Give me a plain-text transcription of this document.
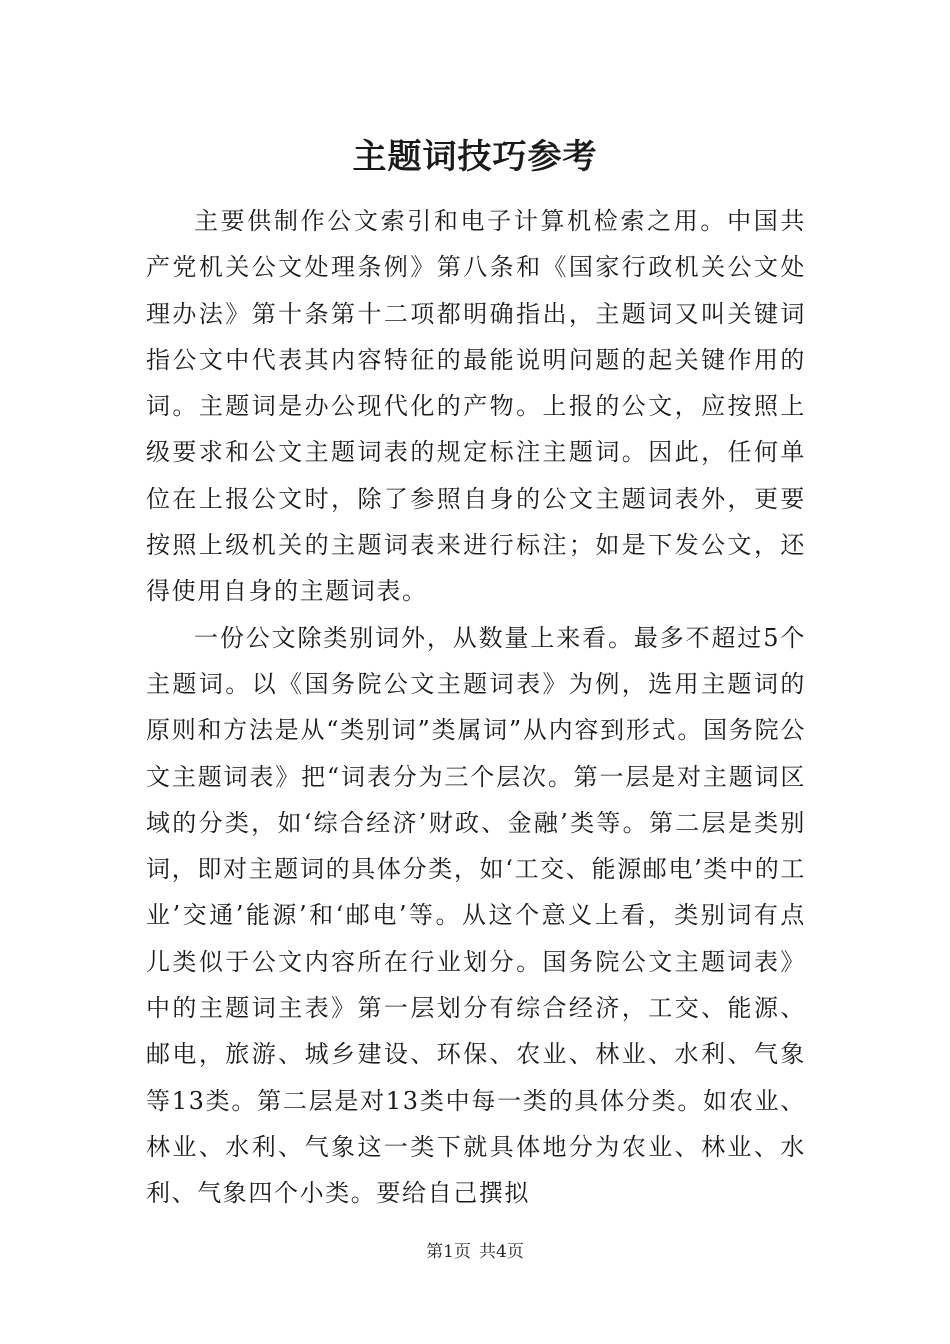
主题词技巧参考

主要供制作公文索引和电子计算机检索之用。中国共产党机关公文处理条例》第八条和《国家行政机关公文处理办法》第十条第十二项都明确指出，主题词又叫关键词指公文中代表其内容特征的最能说明问题的起关键作用的词。主题词是办公现代化的产物。上报的公文，应按照上级要求和公文主题词表的规定标注主题词。因此，任何单位在上报公文时，除了参照自身的公文主题词表外，更要按照上级机关的主题词表来进行标注；如是下发公文，还得使用自身的主题词表。

一份公文除类别词外，从数量上来看。最多不超过5个主题词。以《国务院公文主题词表》为例，选用主题词的原则和方法是从“类别词”类属词”从内容到形式。国务院公文主题词表》把“词表分为三个层次。第一层是对主题词区域的分类，如‘综合经济’财政、金融’类等。第二层是类别词，即对主题词的具体分类，如‘工交、能源邮电’类中的工业’交通’能源’和‘邮电’等。从这个意义上看，类别词有点儿类似于公文内容所在行业划分。国务院公文主题词表》中的主题词主表》第一层划分有综合经济，工交、能源、邮电，旅游、城乡建设、环保、农业、林业、水利、气象等13类。第二层是对13类中每一类的具体分类。如农业、林业、水利、气象这一类下就具体地分为农业、林业、水利、气象四个小类。要给自己撰拟

第1页 共4页
